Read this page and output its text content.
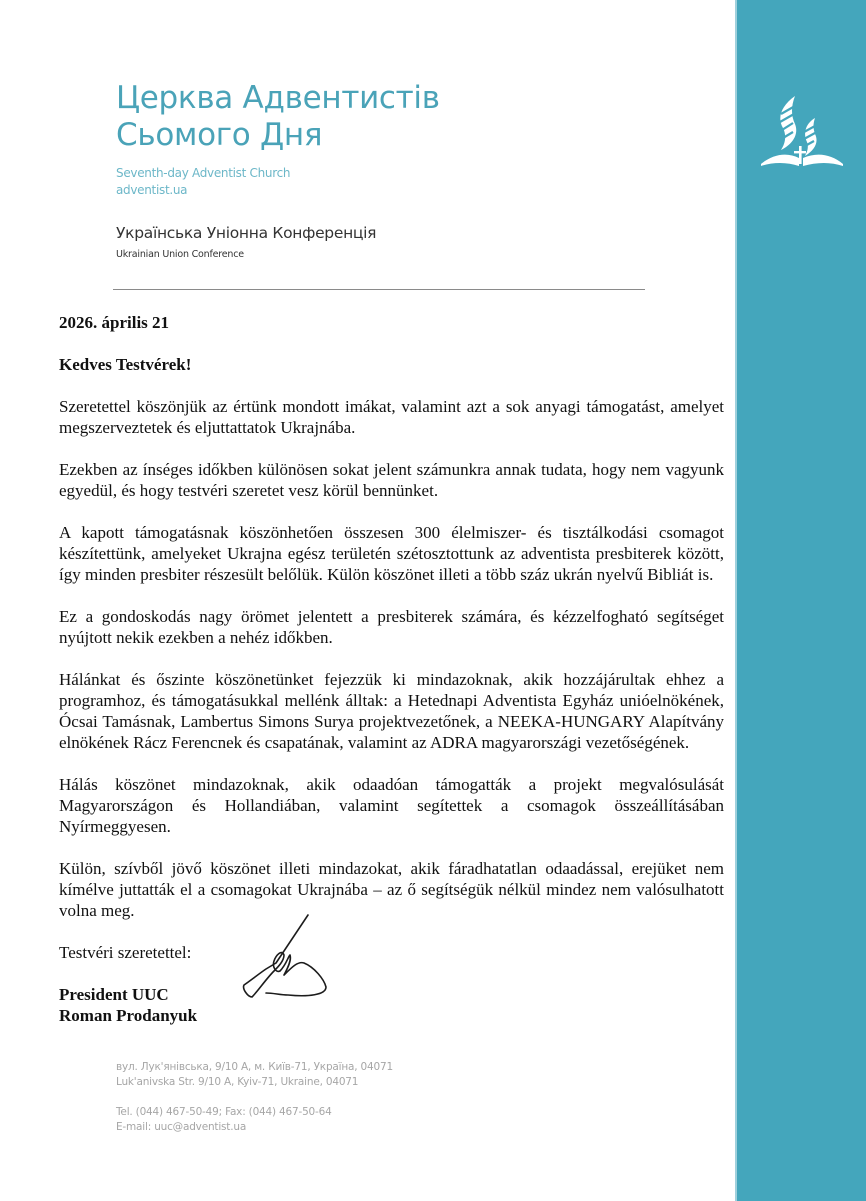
Церква Адвентистів
Сьомого Дня
Seventh-day Adventist Church
adventist.ua
Українська Уніонна Конференція
Ukrainian Union Conference

2026. április 21

Kedves Testvérek!

Szeretettel köszönjük az értünk mondott imákat, valamint azt a sok anyagi támogatást, amelyet megszerveztetek és eljuttattatok Ukrajnába.

Ezekben az ínséges időkben különösen sokat jelent számunkra annak tudata, hogy nem vagyunk egyedül, és hogy testvéri szeretet vesz körül bennünket.

A kapott támogatásnak köszönhetően összesen 300 élelmiszer- és tisztálkodási csomagot készítettünk, amelyeket Ukrajna egész területén szétosztottunk az adventista presbiterek között, így minden presbiter részesült belőlük. Külön köszönet illeti a több száz ukrán nyelvű Bibliát is.

Ez a gondoskodás nagy örömet jelentett a presbiterek számára, és kézzelfogható segítséget nyújtott nekik ezekben a nehéz időkben.

Hálánkat és őszinte köszönetünket fejezzük ki mindazoknak, akik hozzájárultak ehhez a programhoz, és támogatásukkal mellénk álltak: a Hetednapi Adventista Egyház unióelnökének, Ócsai Tamásnak, Lambertus Simons Surya projektvezetőnek, a NEEKA-HUNGARY Alapítvány elnökének Rácz Ferencnek és csapatának, valamint az ADRA magyarországi vezetőségének.

Hálás köszönet mindazoknak, akik odaadóan támogatták a projekt megvalósulását Magyarországon és Hollandiában, valamint segítettek a csomagok összeállításában Nyírmeggyesen.

Külön, szívből jövő köszönet illeti mindazokat, akik fáradhatatlan odaadással, erejüket nem kímélve juttatták el a csomagokat Ukrajnába – az ő segítségük nélkül mindez nem valósulhatott volna meg.

Testvéri szeretettel:

President UUC

Roman Prodanyuk

вул. Лук'янівська, 9/10 А, м. Київ-71, Україна, 04071
Luk'anivska Str. 9/10 A, Kyiv-71, Ukraine, 04071
Tel. (044) 467-50-49; Fax: (044) 467-50-64
E-mail: uuc@adventist.ua
